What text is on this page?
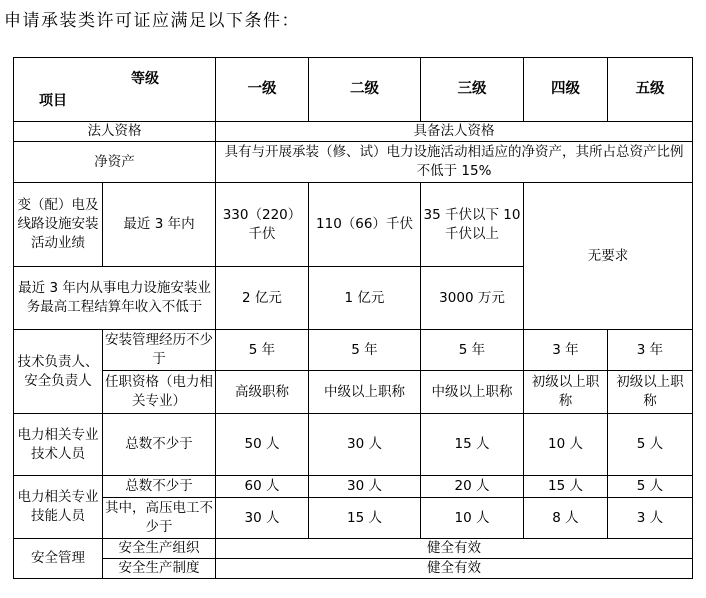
申请承装类许可证应满足以下条件：
等级
项目		一级	二级	三级	四级	五级
法人资格		具备法人资格				
净资产		具有与开展承装（修、试）电力设施活动相适应的净资产，其所占总资产比例不低于 15%				
变（配）电及线路设施安装活动业绩	最近 3 年内	330（220）千伏	110（66）千伏	35 千伏以下 10 千伏以上	无要求	
最近 3 年内从事电力设施安装业务最高工程结算年收入不低于		2 亿元	1 亿元	3000 万元		
技术负责人、安全负责人	安装管理经历不少于	5 年	5 年	5 年	3 年	3 年
	任职资格（电力相关专业）	高级职称	中级以上职称	中级以上职称	初级以上职称	初级以上职称
电力相关专业技术人员	总数不少于	50 人	30 人	15 人	10 人	5 人
电力相关专业技能人员	总数不少于	60 人	30 人	20 人	15 人	5 人
	其中，高压电工不少于	30 人	15 人	10 人	8 人	3 人
安全管理	安全生产组织	健全有效				
	安全生产制度	健全有效				
